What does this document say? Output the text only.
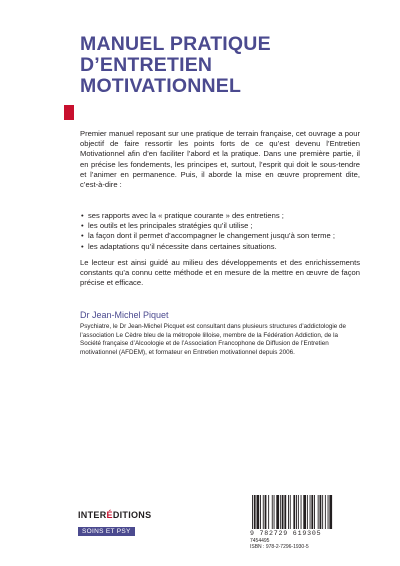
MANUEL PRATIQUE
D’ENTRETIEN
MOTIVATIONNEL

Premier manuel reposant sur une pratique de terrain française, cet ouvrage a pour objectif de faire ressortir les points forts de ce qu’est devenu l’Entretien Motivationnel afin d’en faciliter l’abord et la pratique. Dans une première partie, il en précise les fondements, les principes et, surtout, l’esprit qui doit le sous-tendre et l’animer en permanence. Puis, il aborde la mise en œuvre proprement dite, c’est-à-dire :

• ses rapports avec la « pratique courante » des entretiens ;
• les outils et les principales stratégies qu’il utilise ;
• la façon dont il permet d’accompagner le changement jusqu’à son terme ;
• les adaptations qu’il nécessite dans certaines situations.

Le lecteur est ainsi guidé au milieu des développements et des enrichissements constants qu’a connu cette méthode et en mesure de la mettre en œuvre de façon précise et efficace.

Dr Jean-Michel Piquet

Psychiatre, le Dr Jean-Michel Picquet est consultant dans plusieurs structures d’addictologie de l’association Le Cèdre bleu de la métropole lilloise, membre de la Fédération Addiction, de la Société française d’Alcoologie et de l’Association Francophone de Diffusion de l’Entretien motivationnel (AFDEM), et formateur en Entretien motivationnel depuis 2006.

INTERÉDITIONS
SOINS ET PSY	9 782729 619305
7454495
ISBN : 978-2-7296-1930-5
